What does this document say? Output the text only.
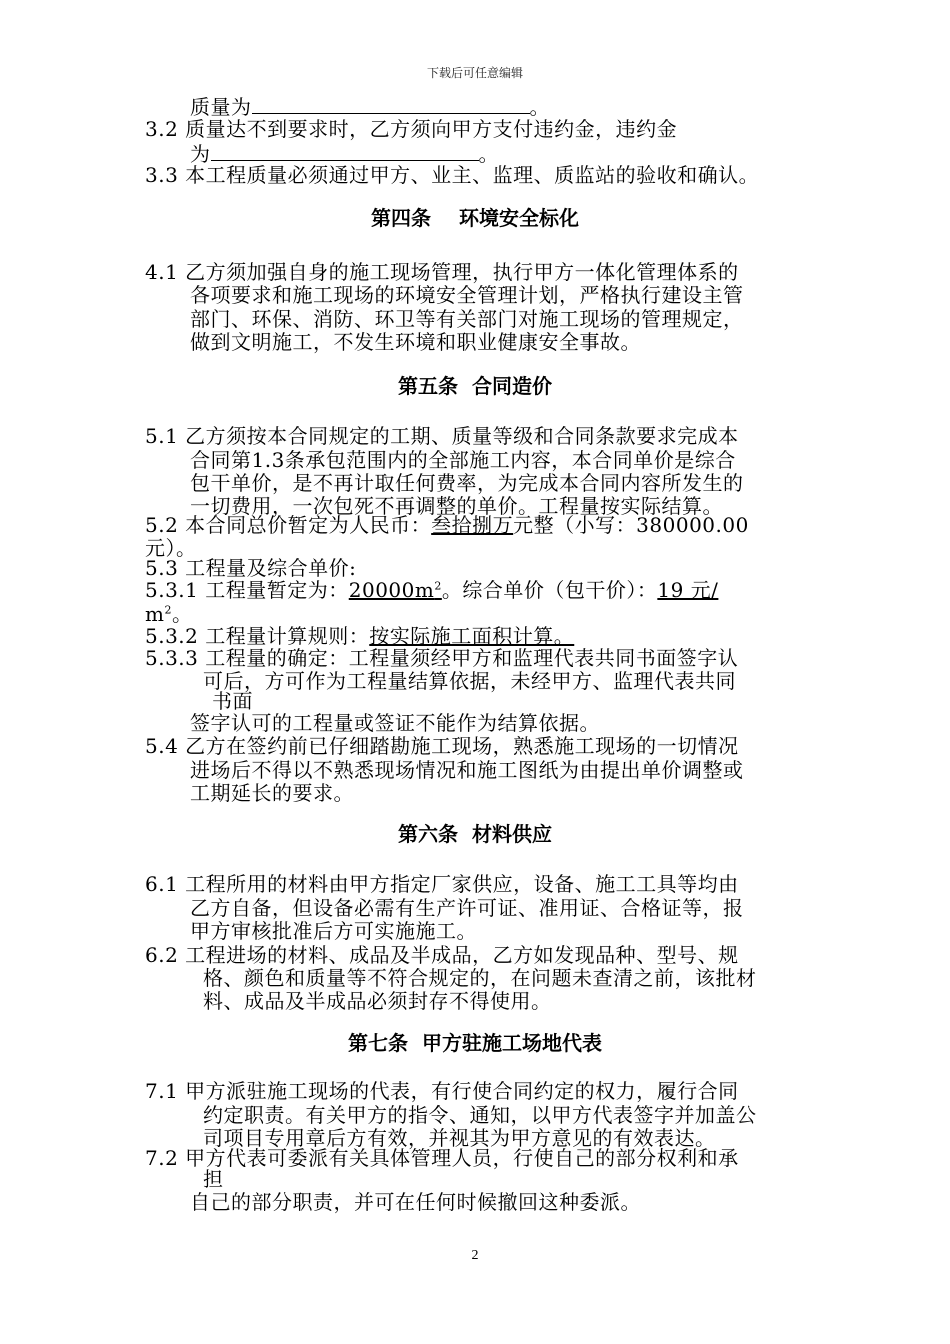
下载后可任意编辑
质量为	。
3.2 质量达不到要求时，乙方须向甲方支付违约金，违约金
为	。
3.3 本工程质量必须通过甲方、业主、监理、质监站的验收和确认。
第四条 环境安全标化
4.1 乙方须加强自身的施工现场管理，执行甲方一体化管理体系的
各项要求和施工现场的环境安全管理计划，严格执行建设主管
部门、环保、消防、环卫等有关部门对施工现场的管理规定，
做到文明施工，不发生环境和职业健康安全事故。
第五条 合同造价
5.1 乙方须按本合同规定的工期、质量等级和合同条款要求完成本
合同第1.3条承包范围内的全部施工内容，本合同单价是综合
包干单价，是不再计取任何费率，为完成本合同内容所发生的
一切费用，一次包死不再调整的单价。工程量按实际结算。
5.2 本合同总价暂定为人民币：叁拾捌万元整（小写：380000.00
元）。
5.3 工程量及综合单价:
5.3.1 工程量暂定为：$20000m^2$。综合单价（包干价）：19 元/
$m^2$。
5.3.2 工程量计算规则：按实际施工面积计算。
5.3.3 工程量的确定：工程量须经甲方和监理代表共同书面签字认
可后，方可作为工程量结算依据，未经甲方、监理代表共同
书面
签字认可的工程量或签证不能作为结算依据。
5.4 乙方在签约前已仔细踏勘施工现场，熟悉施工现场的一切情况
进场后不得以不熟悉现场情况和施工图纸为由提出单价调整或
工期延长的要求。
第六条 材料供应
6.1 工程所用的材料由甲方指定厂家供应，设备、施工工具等均由
乙方自备，但设备必需有生产许可证、准用证、合格证等，报
甲方审核批准后方可实施施工。
6.2 工程进场的材料、成品及半成品，乙方如发现品种、型号、规
格、颜色和质量等不符合规定的，在问题未查清之前，该批材
料、成品及半成品必须封存不得使用。
第七条 甲方驻施工场地代表
7.1 甲方派驻施工现场的代表，有行使合同约定的权力，履行合同
约定职责。有关甲方的指令、通知，以甲方代表签字并加盖公
司项目专用章后方有效，并视其为甲方意见的有效表达。
7.2 甲方代表可委派有关具体管理人员，行使自己的部分权利和承
担
自己的部分职责，并可在任何时候撤回这种委派。
2
